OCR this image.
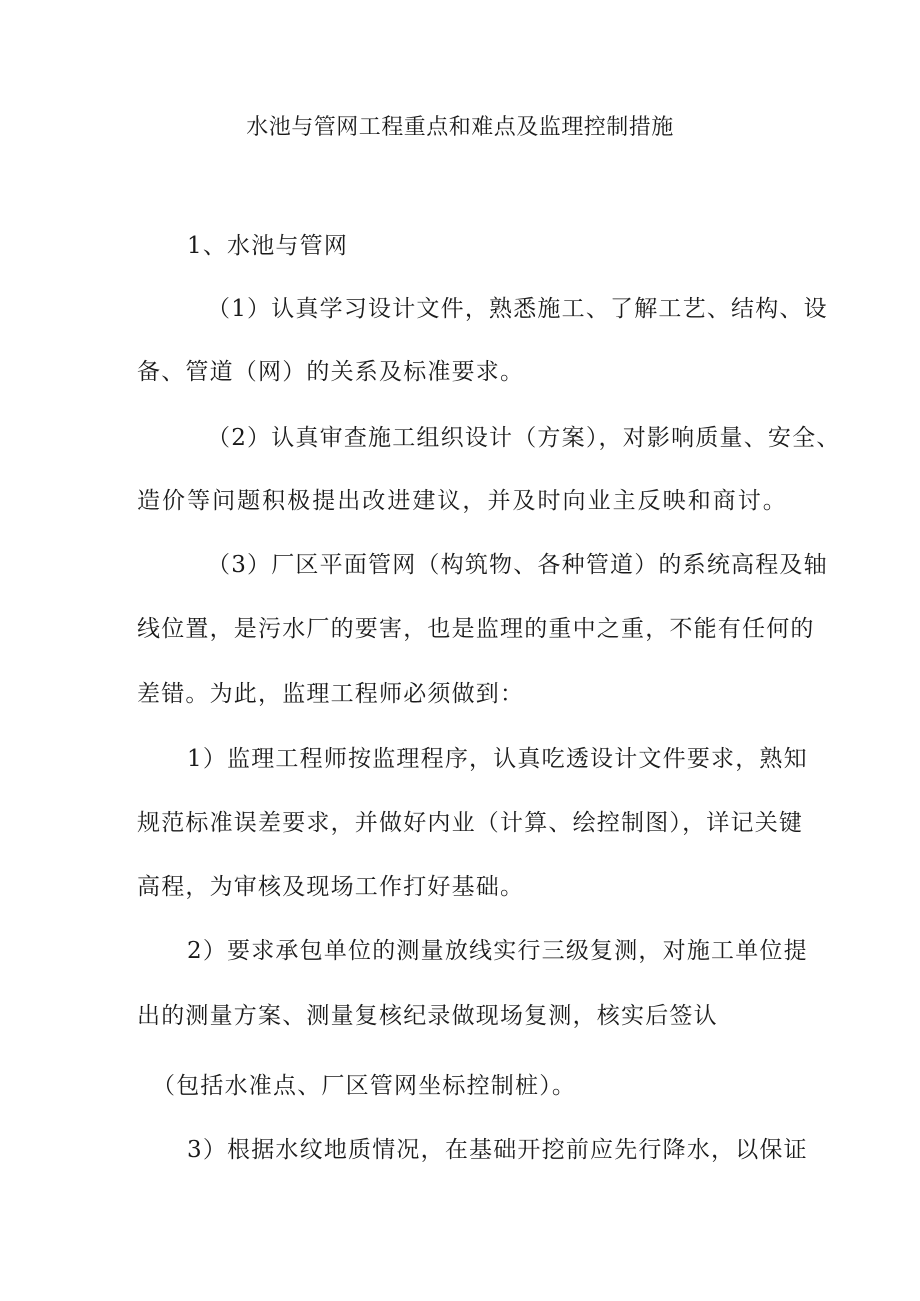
水池与管网工程重点和难点及监理控制措施
1、水池与管网
（1）认真学习设计文件，熟悉施工、了解工艺、结构、设
备、管道（网）的关系及标准要求。
（2）认真审查施工组织设计（方案），对影响质量、安全、
造价等问题积极提出改进建议，并及时向业主反映和商讨。
（3）厂区平面管网（构筑物、各种管道）的系统高程及轴
线位置，是污水厂的要害，也是监理的重中之重，不能有任何的
差错。为此，监理工程师必须做到：
1）监理工程师按监理程序，认真吃透设计文件要求，熟知
规范标准误差要求，并做好内业（计算、绘控制图），详记关键
高程，为审核及现场工作打好基础。
2）要求承包单位的测量放线实行三级复测，对施工单位提
出的测量方案、测量复核纪录做现场复测，核实后签认
（包括水准点、厂区管网坐标控制桩）。
3）根据水纹地质情况，在基础开挖前应先行降水，以保证
